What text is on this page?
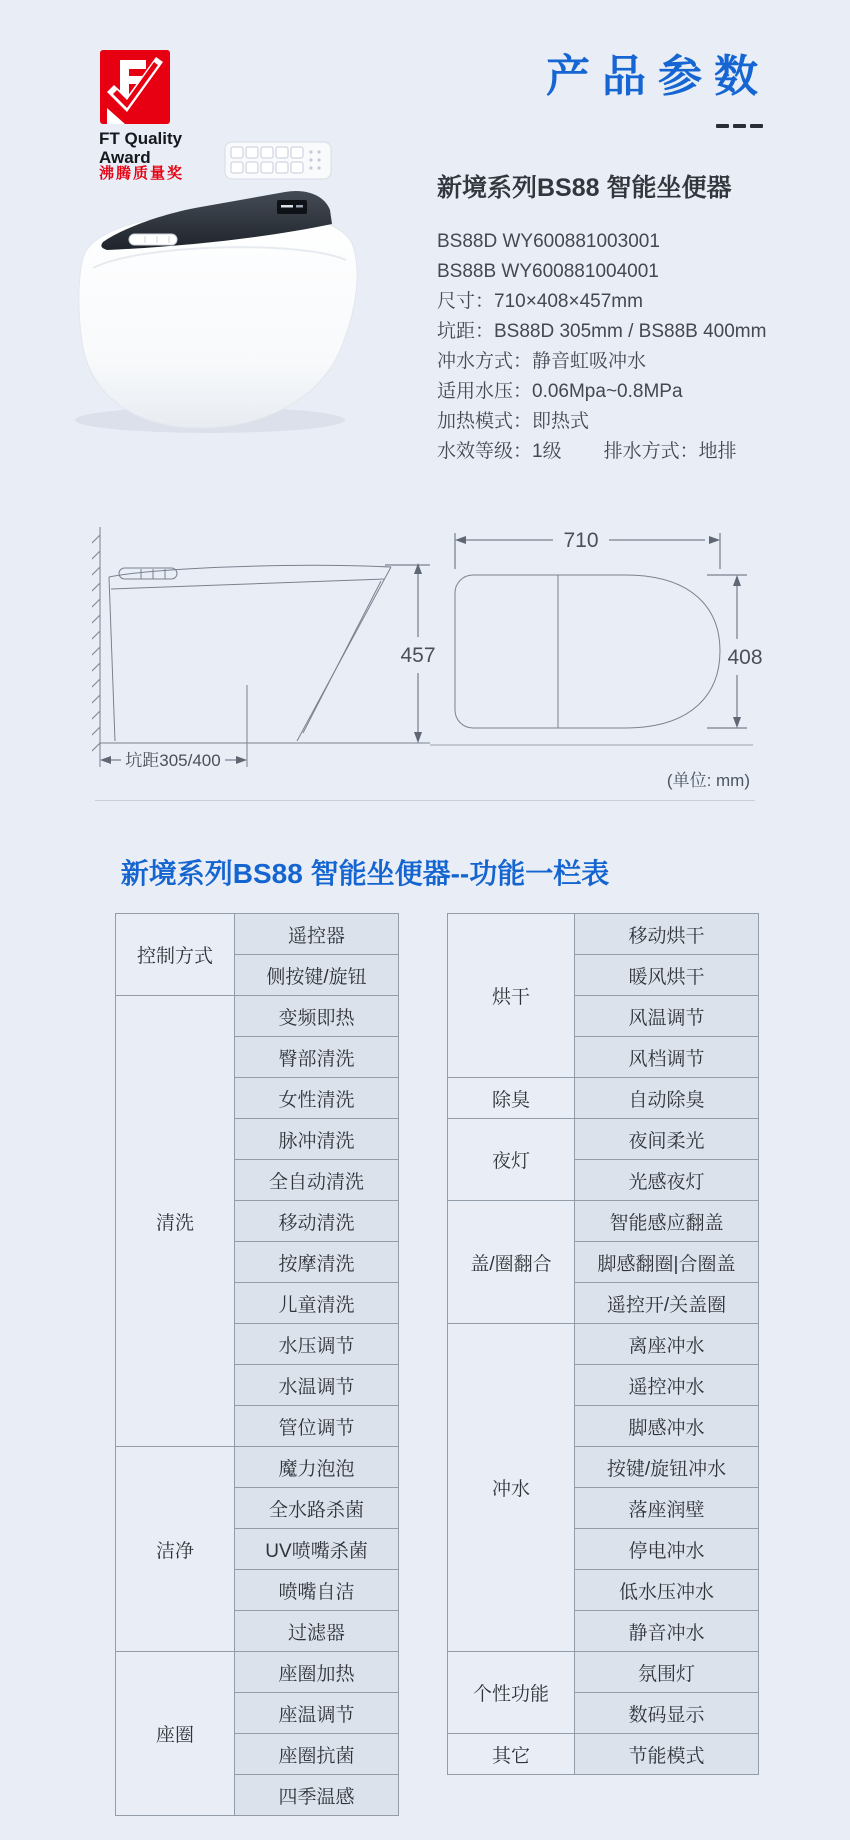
FT Quality
Award
沸腾质量奖
产品参数
新境系列BS88 智能坐便器
BS88D WY600881003001
BS88B WY600881004001
尺寸：710×408×457mm
坑距：BS88D 305mm / BS88B 400mm
冲水方式：静音虹吸冲水
适用水压：0.06Mpa~0.8MPa
加热模式：即热式
水效等级：1级 排水方式：地排
457
坑距305/400
710
408
(单位: mm)
新境系列BS88 智能坐便器--功能一栏表
控制方式	遥控器
	侧按键/旋钮
清洗	变频即热
	臀部清洗
	女性清洗
	脉冲清洗
	全自动清洗
	移动清洗
	按摩清洗
	儿童清洗
	水压调节
	水温调节
	管位调节
洁净	魔力泡泡
	全水路杀菌
	UV喷嘴杀菌
	喷嘴自洁
	过滤器
座圈	座圈加热
	座温调节
	座圈抗菌
	四季温感
烘干	移动烘干
	暖风烘干
	风温调节
	风档调节
除臭	自动除臭
夜灯	夜间柔光
	光感夜灯
盖/圈翻合	智能感应翻盖
	脚感翻圈|合圈盖
	遥控开/关盖圈
冲水	离座冲水
	遥控冲水
	脚感冲水
	按键/旋钮冲水
	落座润壁
	停电冲水
	低水压冲水
	静音冲水
个性功能	氛围灯
	数码显示
其它	节能模式
